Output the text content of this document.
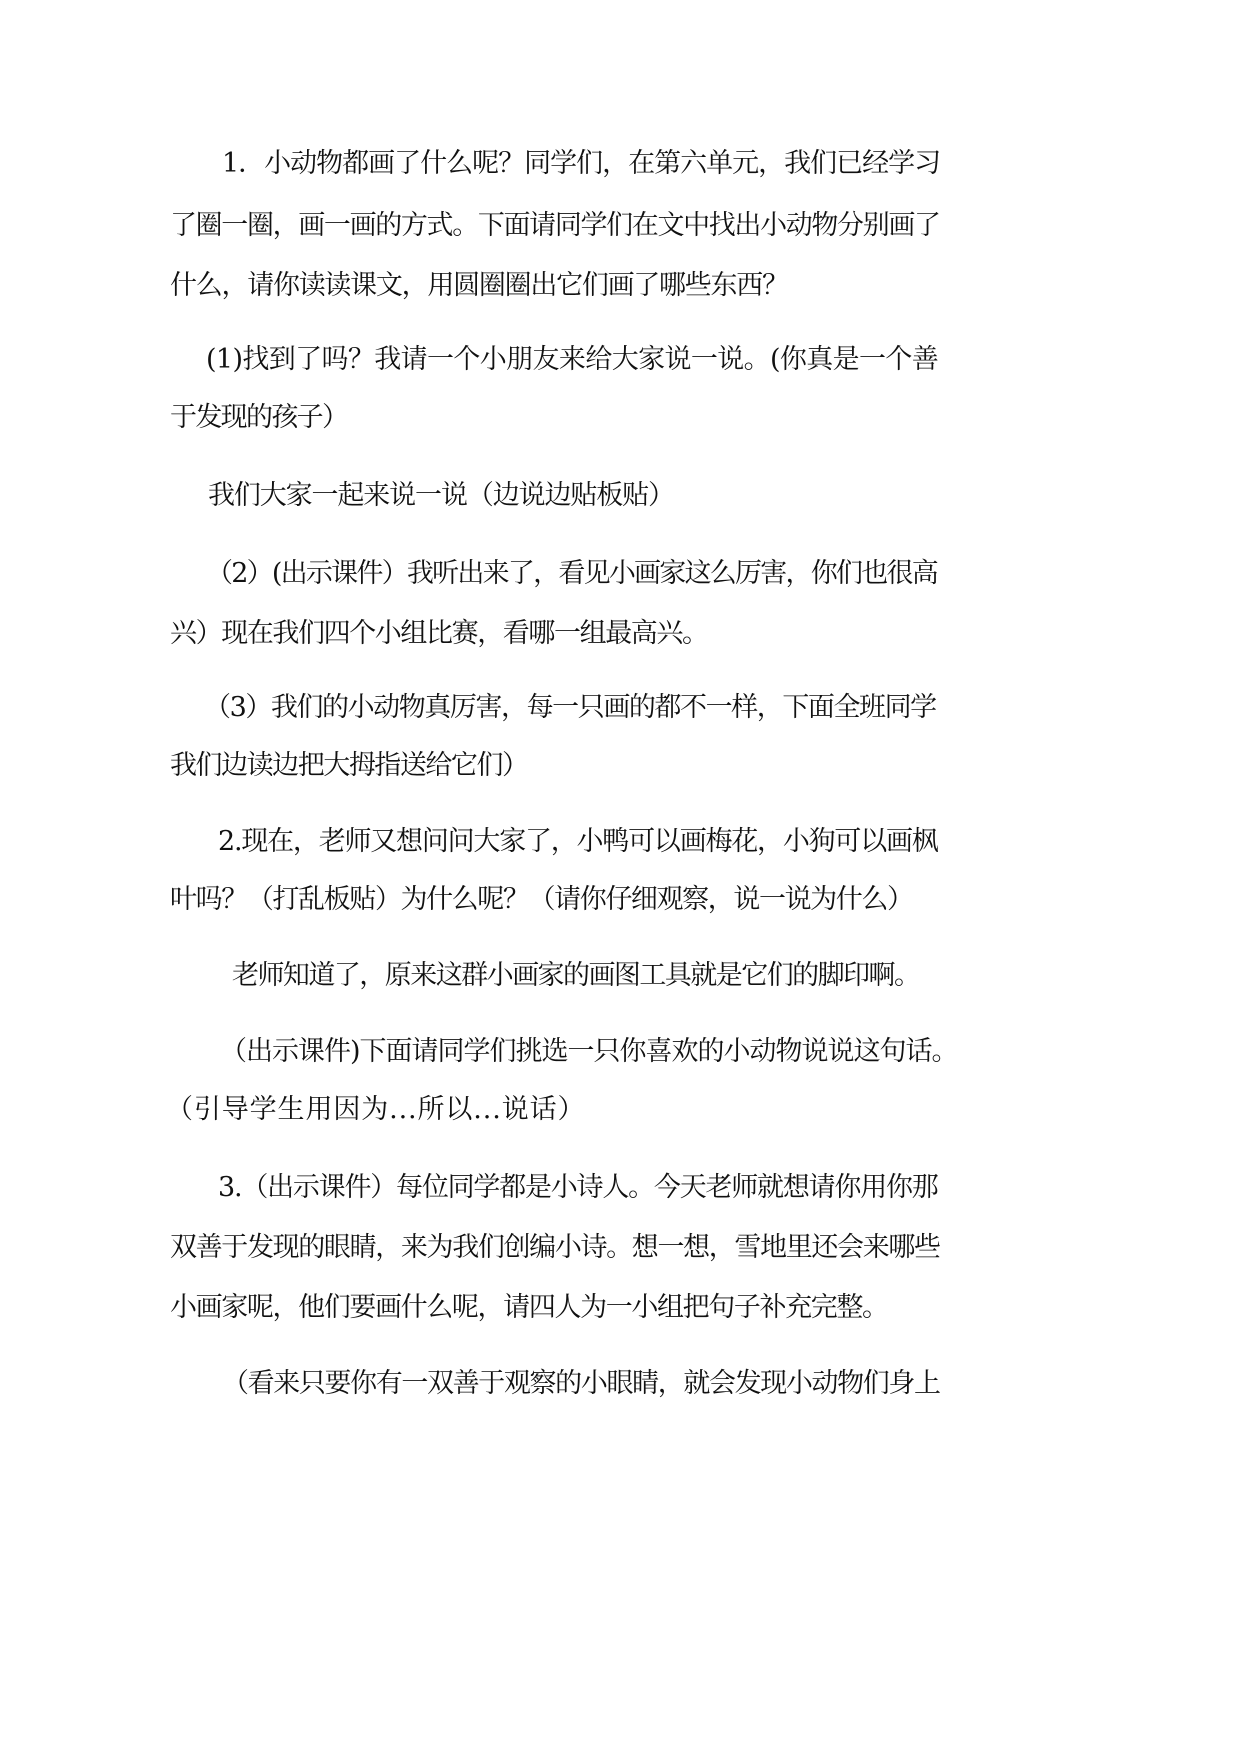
1．小动物都画了什么呢？同学们，在第六单元，我们已经学习
了圈一圈，画一画的方式。下面请同学们在文中找出小动物分别画了
什么，请你读读课文，用圆圈圈出它们画了哪些东西？
(1)找到了吗？我请一个小朋友来给大家说一说。(你真是一个善
于发现的孩子）
我们大家一起来说一说（边说边贴板贴）
（2）(出示课件）我听出来了，看见小画家这么厉害，你们也很高
兴）现在我们四个小组比赛，看哪一组最高兴。
（3）我们的小动物真厉害，每一只画的都不一样，下面全班同学
我们边读边把大拇指送给它们）
2.现在，老师又想问问大家了，小鸭可以画梅花，小狗可以画枫
叶吗？（打乱板贴）为什么呢？（请你仔细观察，说一说为什么）
老师知道了，原来这群小画家的画图工具就是它们的脚印啊。
（出示课件)下面请同学们挑选一只你喜欢的小动物说说这句话。
（引导学生用因为...所以...说话）
3.（出示课件）每位同学都是小诗人。今天老师就想请你用你那
双善于发现的眼睛，来为我们创编小诗。想一想，雪地里还会来哪些
小画家呢，他们要画什么呢，请四人为一小组把句子补充完整。
（看来只要你有一双善于观察的小眼睛，就会发现小动物们身上
